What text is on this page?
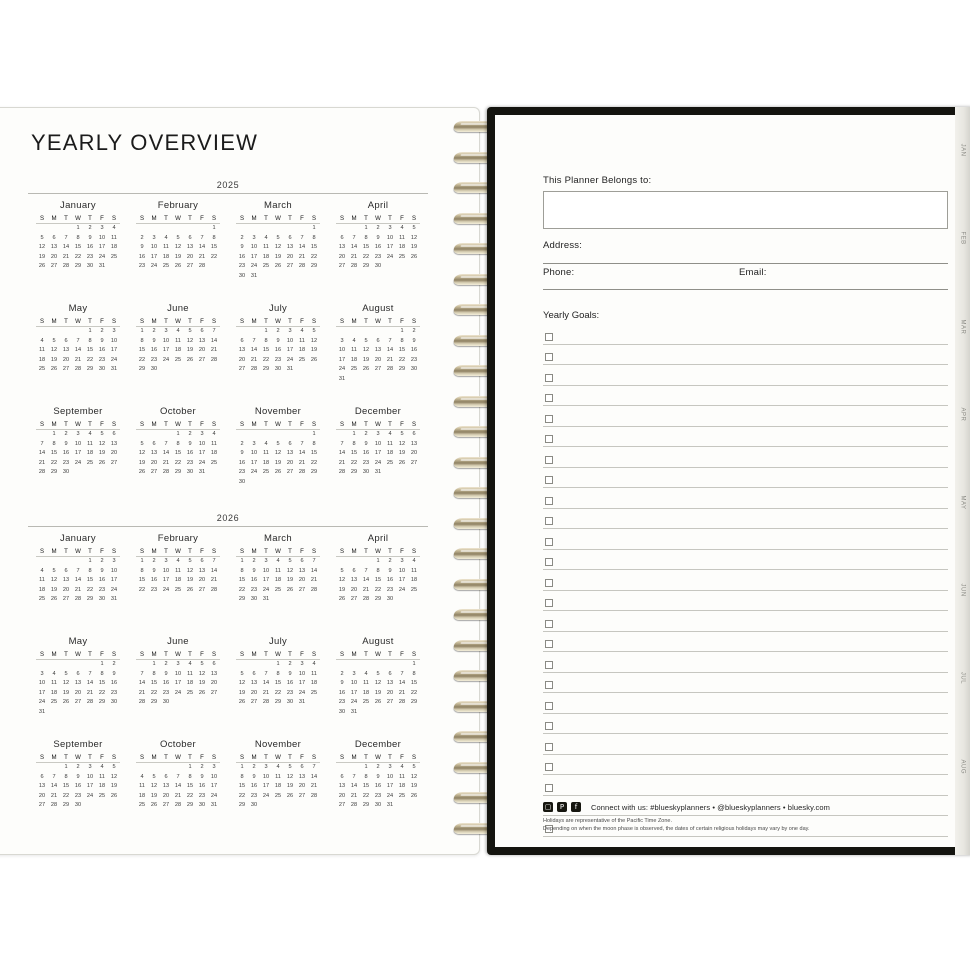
YEARLY OVERVIEW
2025
January
S	M	T	W	T	F	S
			1	2	3	4
5	6	7	8	9	10	11
12	13	14	15	16	17	18
19	20	21	22	23	24	25
26	27	28	29	30	31	
February
S	M	T	W	T	F	S
						1
2	3	4	5	6	7	8
9	10	11	12	13	14	15
16	17	18	19	20	21	22
23	24	25	26	27	28	
March
S	M	T	W	T	F	S
						1
2	3	4	5	6	7	8
9	10	11	12	13	14	15
16	17	18	19	20	21	22
23	24	25	26	27	28	29
30	31					
April
S	M	T	W	T	F	S
		1	2	3	4	5
6	7	8	9	10	11	12
13	14	15	16	17	18	19
20	21	22	23	24	25	26
27	28	29	30			
May
S	M	T	W	T	F	S
				1	2	3
4	5	6	7	8	9	10
11	12	13	14	15	16	17
18	19	20	21	22	23	24
25	26	27	28	29	30	31
June
S	M	T	W	T	F	S
1	2	3	4	5	6	7
8	9	10	11	12	13	14
15	16	17	18	19	20	21
22	23	24	25	26	27	28
29	30					
July
S	M	T	W	T	F	S
		1	2	3	4	5
6	7	8	9	10	11	12
13	14	15	16	17	18	19
20	21	22	23	24	25	26
27	28	29	30	31		
August
S	M	T	W	T	F	S
					1	2
3	4	5	6	7	8	9
10	11	12	13	14	15	16
17	18	19	20	21	22	23
24	25	26	27	28	29	30
31						
September
S	M	T	W	T	F	S
	1	2	3	4	5	6
7	8	9	10	11	12	13
14	15	16	17	18	19	20
21	22	23	24	25	26	27
28	29	30				
October
S	M	T	W	T	F	S
			1	2	3	4
5	6	7	8	9	10	11
12	13	14	15	16	17	18
19	20	21	22	23	24	25
26	27	28	29	30	31	
November
S	M	T	W	T	F	S
						1
2	3	4	5	6	7	8
9	10	11	12	13	14	15
16	17	18	19	20	21	22
23	24	25	26	27	28	29
30						
December
S	M	T	W	T	F	S
	1	2	3	4	5	6
7	8	9	10	11	12	13
14	15	16	17	18	19	20
21	22	23	24	25	26	27
28	29	30	31			
2026
January
S	M	T	W	T	F	S
				1	2	3
4	5	6	7	8	9	10
11	12	13	14	15	16	17
18	19	20	21	22	23	24
25	26	27	28	29	30	31
February
S	M	T	W	T	F	S
1	2	3	4	5	6	7
8	9	10	11	12	13	14
15	16	17	18	19	20	21
22	23	24	25	26	27	28
March
S	M	T	W	T	F	S
1	2	3	4	5	6	7
8	9	10	11	12	13	14
15	16	17	18	19	20	21
22	23	24	25	26	27	28
29	30	31				
April
S	M	T	W	T	F	S
			1	2	3	4
5	6	7	8	9	10	11
12	13	14	15	16	17	18
19	20	21	22	23	24	25
26	27	28	29	30		
May
S	M	T	W	T	F	S
					1	2
3	4	5	6	7	8	9
10	11	12	13	14	15	16
17	18	19	20	21	22	23
24	25	26	27	28	29	30
31						
June
S	M	T	W	T	F	S
	1	2	3	4	5	6
7	8	9	10	11	12	13
14	15	16	17	18	19	20
21	22	23	24	25	26	27
28	29	30				
July
S	M	T	W	T	F	S
			1	2	3	4
5	6	7	8	9	10	11
12	13	14	15	16	17	18
19	20	21	22	23	24	25
26	27	28	29	30	31	
August
S	M	T	W	T	F	S
						1
2	3	4	5	6	7	8
9	10	11	12	13	14	15
16	17	18	19	20	21	22
23	24	25	26	27	28	29
30	31					
September
S	M	T	W	T	F	S
		1	2	3	4	5
6	7	8	9	10	11	12
13	14	15	16	17	18	19
20	21	22	23	24	25	26
27	28	29	30			
October
S	M	T	W	T	F	S
				1	2	3
4	5	6	7	8	9	10
11	12	13	14	15	16	17
18	19	20	21	22	23	24
25	26	27	28	29	30	31
November
S	M	T	W	T	F	S
1	2	3	4	5	6	7
8	9	10	11	12	13	14
15	16	17	18	19	20	21
22	23	24	25	26	27	28
29	30					
December
S	M	T	W	T	F	S
		1	2	3	4	5
6	7	8	9	10	11	12
13	14	15	16	17	18	19
20	21	22	23	24	25	26
27	28	29	30	31		
This Planner Belongs to:
Address:
Phone:	Email:
Yearly Goals:
▢	P	f	Connect with us: #blueskyplanners • @blueskyplanners • bluesky.com
Holidays are representative of the Pacific Time Zone.
Depending on when the moon phase is observed, the dates of certain religious holidays may vary by one day.
JAN
FEB
MAR
APR
MAY
JUN
JUL
AUG
